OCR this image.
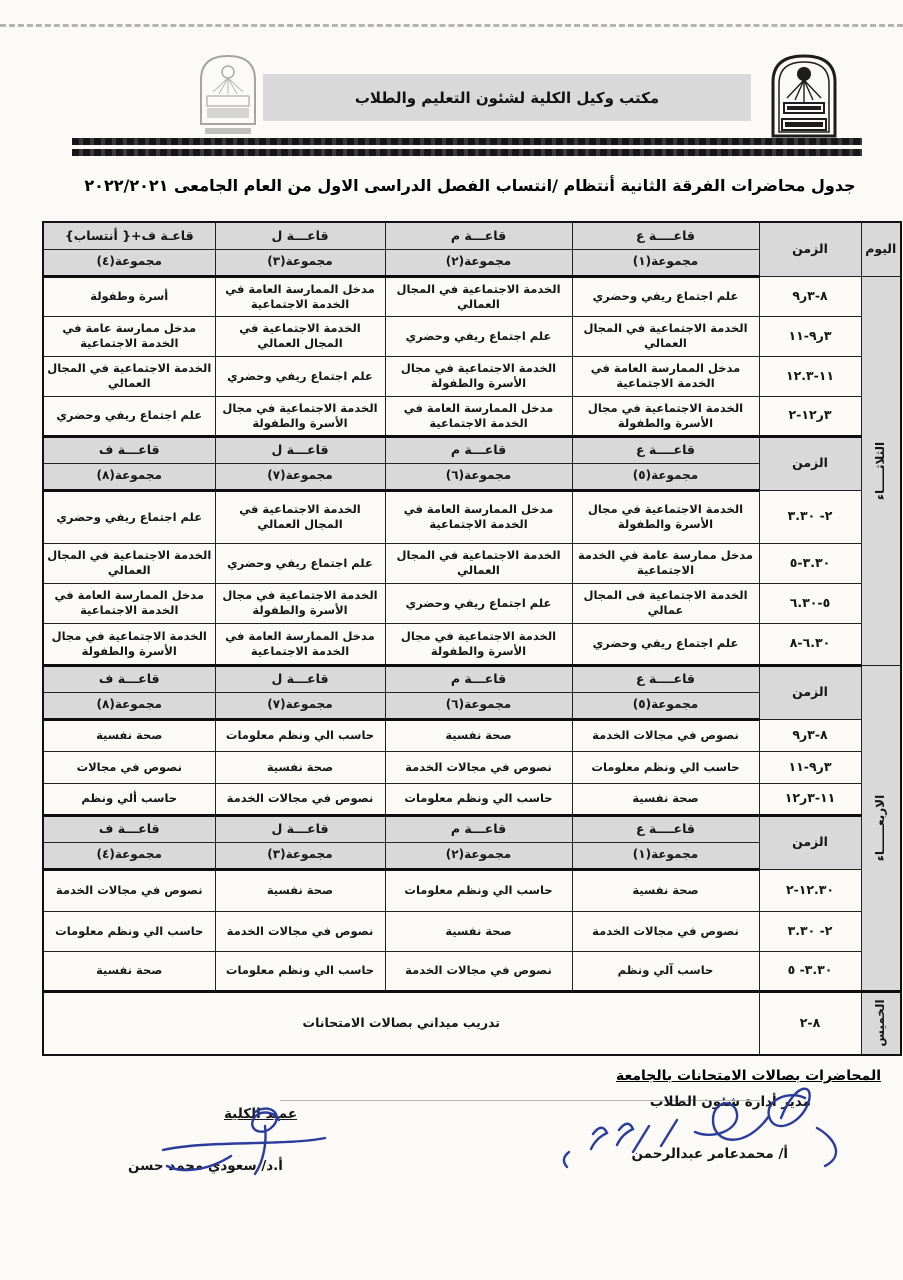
مكتب وكيل الكلية لشئون التعليم والطلاب
جدول محاضرات الفرقة الثانية أنتظام /انتساب الفصل الدراسى الاول من العام الجامعى ٢٠٢٢/٢٠٢١
اليوم	الزمن	قاعــــة ع	قاعـــة م	قاعـــة ل	قاعـة ف+{ أنتساب}
		مجموعة(١)	مجموعة(٢)	مجموعة(٣)	مجموعة(٤)

الثلاثـــــاء	٩ر٣-٨	علم اجتماع ريفي وحضري	الخدمة الاجتماعية في المجال العمالي	مدخل الممارسة العامة في الخدمة الاجتماعية	أسرة وطفولة
	١١-٩ر٣	الخدمة الاجتماعية في المجال العمالي	علم اجتماع ريفي وحضري	الخدمة الاجتماعية في المجال العمالي	مدخل ممارسة عامة في الخدمة الاجتماعية
	١٢.٣-١١	مدخل الممارسة العامة في الخدمة الاجتماعية	الخدمة الاجتماعية في مجال الأسرة والطفولة	علم اجتماع ريفي وحضري	الخدمة الاجتماعية في المجال العمالي
	٢-١٢ر٣	الخدمة الاجتماعية في مجال الأسرة والطفولة	مدخل الممارسة العامة في الخدمة الاجتماعية	الخدمة الاجتماعية في مجال الأسرة والطفولة	علم اجتماع ريفي وحضري
	الزمن	قاعــــة ع	قاعـــة م	قاعـــة ل	قاعـــة ف
		مجموعة(٥)	مجموعة(٦)	مجموعة(٧)	مجموعة(٨)
	٣.٣٠ -٢	الخدمة الاجتماعية في مجال الأسرة والطفولة	مدخل الممارسة العامة في الخدمة الاجتماعية	الخدمة الاجتماعية في المجال العمالي	علم اجتماع ريفي وحضري
	٥-٣.٣٠	مدخل ممارسة عامة في الخدمة الاجتماعية	الخدمة الاجتماعية في المجال العمالي	علم اجتماع ريفي وحضري	الخدمة الاجتماعية في المجال العمالي
	٦.٣٠-٥	الخدمة الاجتماعية فى المجال عمالي	علم اجتماع ريفي وحضري	الخدمة الاجتماعية في مجال الأسرة والطفولة	مدخل الممارسة العامة في الخدمة الاجتماعية
	٨-٦.٣٠	علم اجتماع ريفي وحضري	الخدمة الاجتماعية في مجال الأسرة والطفولة	مدخل الممارسة العامة في الخدمة الاجتماعية	الخدمة الاجتماعية في مجال الأسرة والطفولة

الاربعــــــاء	الزمن	قاعــــة ع	قاعـــة م	قاعـــة ل	قاعـــة ف
		مجموعة(٥)	مجموعة(٦)	مجموعة(٧)	مجموعة(٨)
	٩ر٣-٨	نصوص في مجالات الخدمة	صحة نفسية	حاسب الي ونظم معلومات	صحة نفسية
	١١-٩ر٣	حاسب الي ونظم معلومات	نصوص في مجالات الخدمة	صحة نفسية	نصوص في مجالات
	١٢ر٣-١١	صحة نفسية	حاسب الي ونظم معلومات	نصوص في مجالات الخدمة	حاسب ألي ونظم
	الزمن	قاعــــة ع	قاعـــة م	قاعـــة ل	قاعـــة ف
		مجموعة(١)	مجموعة(٢)	مجموعة(٣)	مجموعة(٤)
	٢-١٢.٣٠	صحة نفسية	حاسب الي ونظم معلومات	صحة نفسية	نصوص في مجالات الخدمة
	٣.٣٠ -٢	نصوص في مجالات الخدمة	صحة نفسية	نصوص في مجالات الخدمة	حاسب الي ونظم معلومات
	٥ -٣.٣٠	حاسب آلي ونظم	نصوص في مجالات الخدمة	حاسب الي ونظم معلومات	صحة نفسية

الخميس	٢-٨	تدريب ميداني بصالات الامتحانات			
المحاضرات بصالات الامتحانات بالجامعة
مدير أدارة شئون الطلاب
أ/ محمدعامر عبدالرحمن
عميد الكلية
أ.د/ سعودي محمد حسن
